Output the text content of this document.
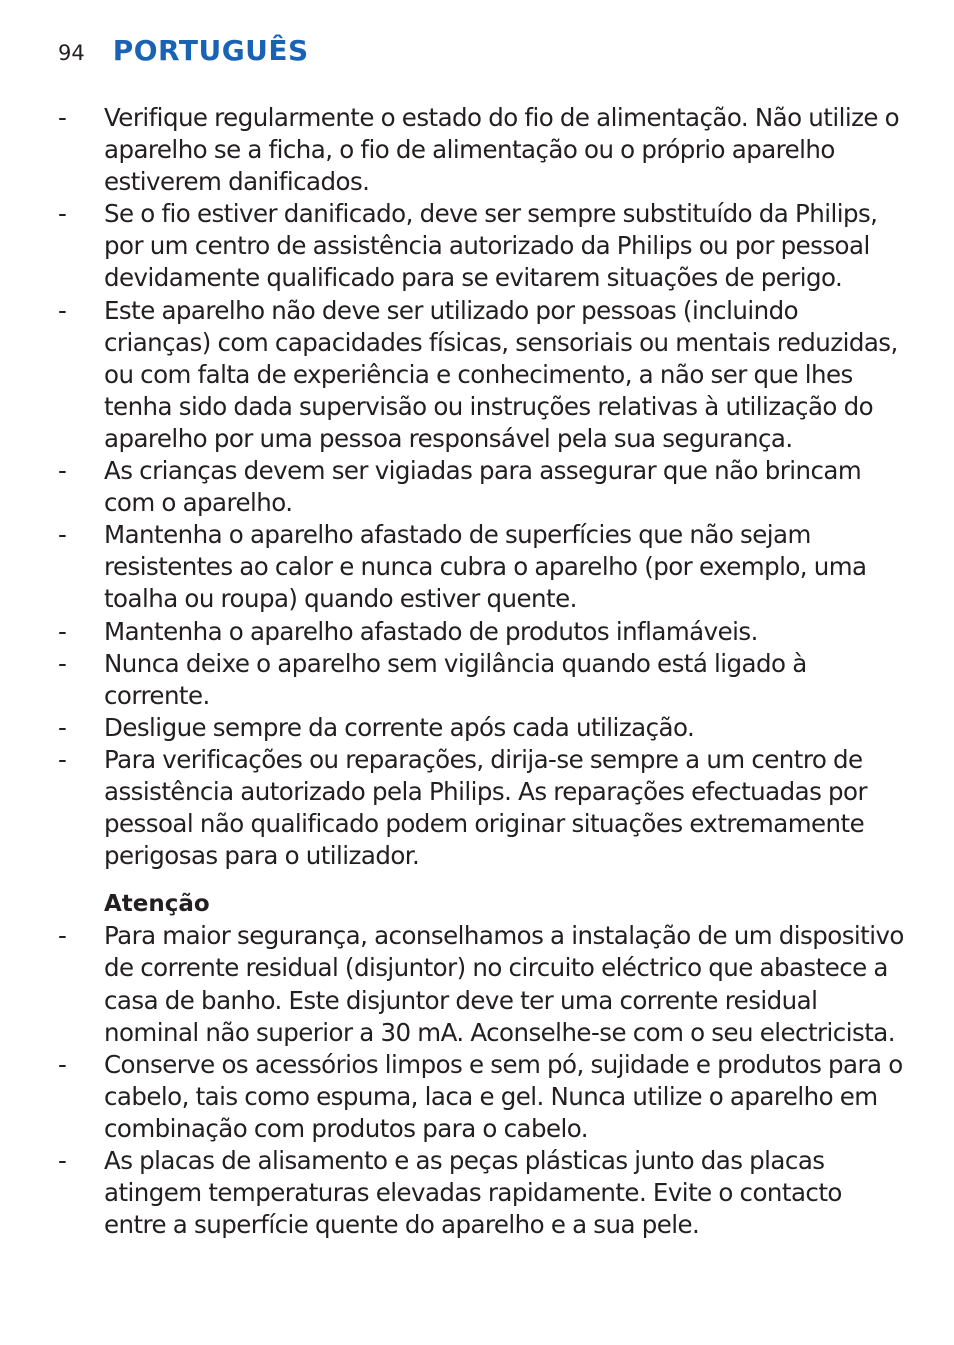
94 PORTUGUÊS
- Verifique regularmente o estado do fio de alimentação. Não utilize o aparelho se a ficha, o fio de alimentação ou o próprio aparelho estiverem danificados.
- Se o fio estiver danificado, deve ser sempre substituído da Philips, por um centro de assistência autorizado da Philips ou por pessoal devidamente qualificado para se evitarem situações de perigo.
- Este aparelho não deve ser utilizado por pessoas (incluindo crianças) com capacidades físicas, sensoriais ou mentais reduzidas, ou com falta de experiência e conhecimento, a não ser que lhes tenha sido dada supervisão ou instruções relativas à utilização do aparelho por uma pessoa responsável pela sua segurança.
- As crianças devem ser vigiadas para assegurar que não brincam com o aparelho.
- Mantenha o aparelho afastado de superfícies que não sejam resistentes ao calor e nunca cubra o aparelho (por exemplo, uma toalha ou roupa) quando estiver quente.
- Mantenha o aparelho afastado de produtos inflamáveis.
- Nunca deixe o aparelho sem vigilância quando está ligado à corrente.
- Desligue sempre da corrente após cada utilização.
- Para verificações ou reparações, dirija-se sempre a um centro de assistência autorizado pela Philips. As reparações efectuadas por pessoal não qualificado podem originar situações extremamente perigosas para o utilizador.
Atenção
- Para maior segurança, aconselhamos a instalação de um dispositivo de corrente residual (disjuntor) no circuito eléctrico que abastece a casa de banho. Este disjuntor deve ter uma corrente residual nominal não superior a 30 mA. Aconselhe-se com o seu electricista.
- Conserve os acessórios limpos e sem pó, sujidade e produtos para o cabelo, tais como espuma, laca e gel. Nunca utilize o aparelho em combinação com produtos para o cabelo.
- As placas de alisamento e as peças plásticas junto das placas atingem temperaturas elevadas rapidamente. Evite o contacto entre a superfície quente do aparelho e a sua pele.
